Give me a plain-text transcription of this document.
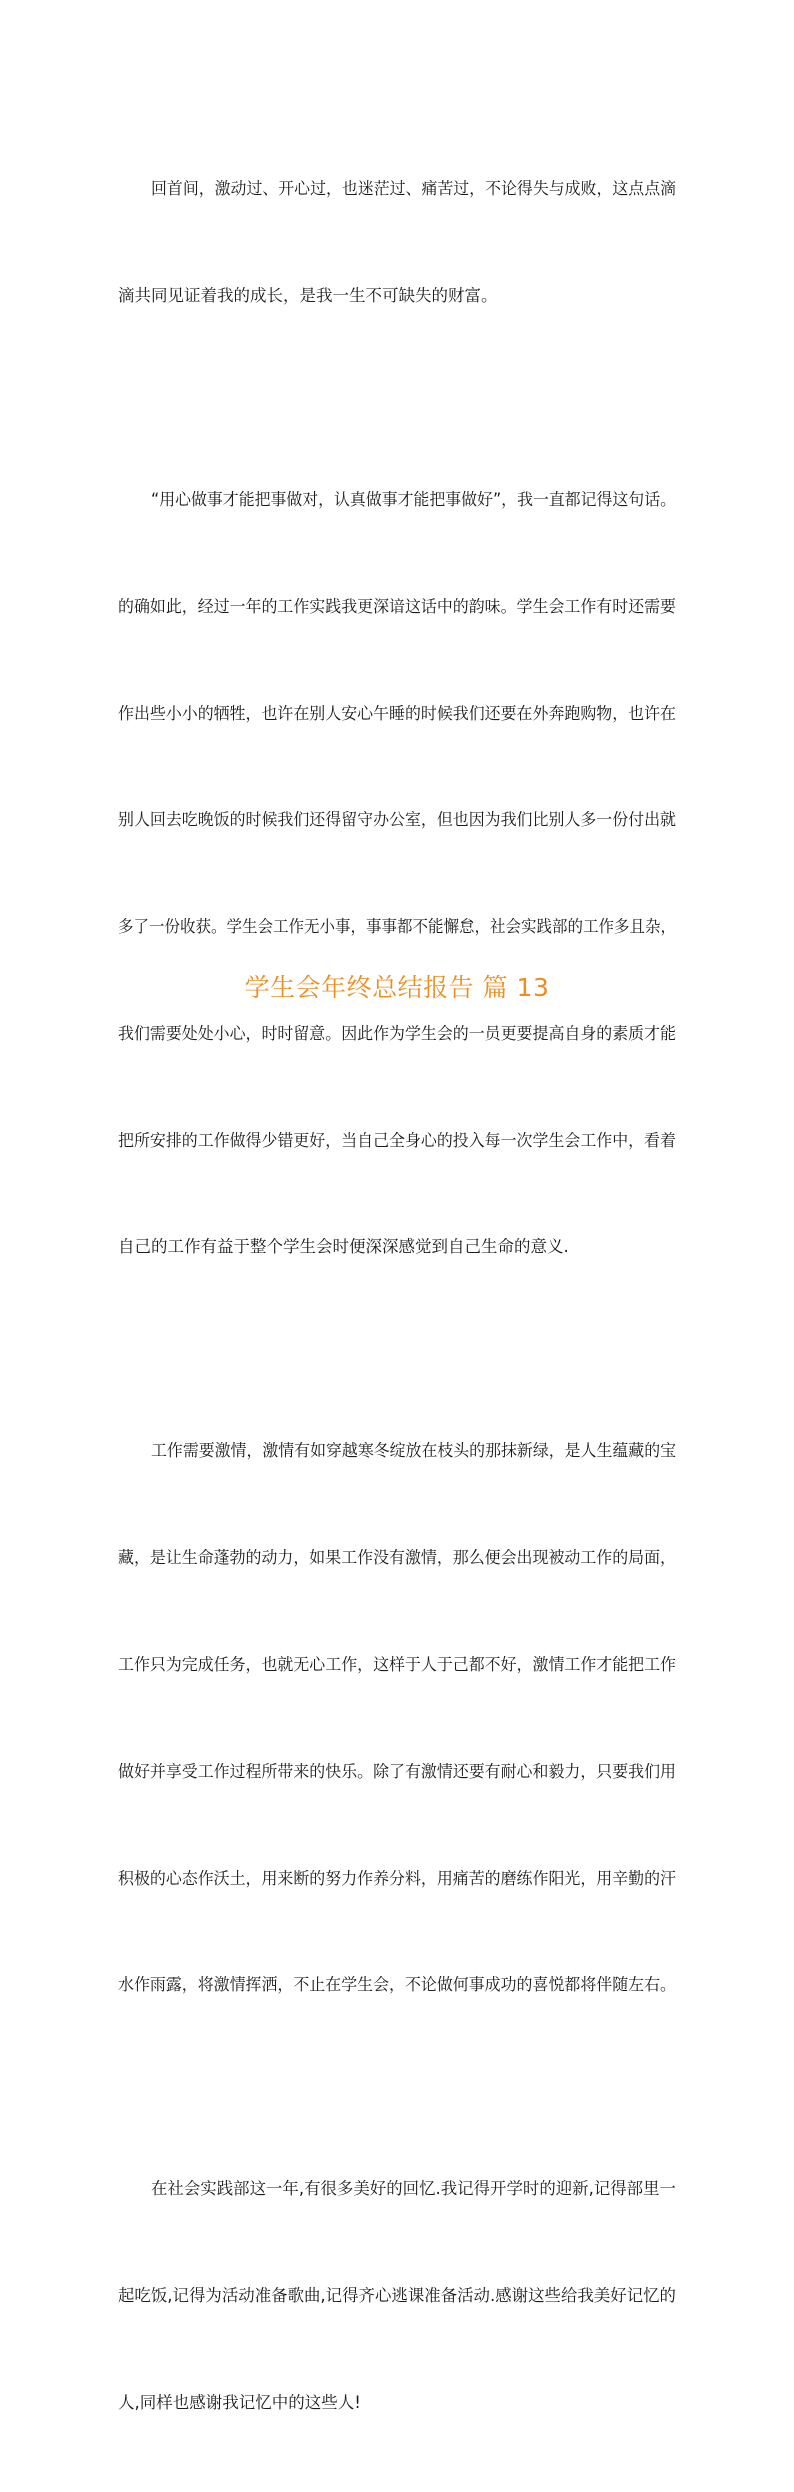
回首间，激动过、开心过，也迷茫过、痛苦过，不论得失与成败，这点点滴

滴共同见证着我的成长，是我一生不可缺失的财富。

“用心做事才能把事做对，认真做事才能把事做好”，我一直都记得这句话。

的确如此，经过一年的工作实践我更深谙这话中的韵味。学生会工作有时还需要

作出些小小的牺牲，也许在别人安心午睡的时候我们还要在外奔跑购物，也许在

别人回去吃晚饭的时候我们还得留守办公室，但也因为我们比别人多一份付出就

多了一份收获。学生会工作无小事，事事都不能懈怠，社会实践部的工作多且杂，

我们需要处处小心，时时留意。因此作为学生会的一员更要提高自身的素质才能

把所安排的工作做得少错更好，当自己全身心的投入每一次学生会工作中，看着

自己的工作有益于整个学生会时便深深感觉到自己生命的意义.

工作需要激情，激情有如穿越寒冬绽放在枝头的那抹新绿，是人生蕴藏的宝

藏，是让生命蓬勃的动力，如果工作没有激情，那么便会出现被动工作的局面，

工作只为完成任务，也就无心工作，这样于人于己都不好，激情工作才能把工作

做好并享受工作过程所带来的快乐。除了有激情还要有耐心和毅力，只要我们用

积极的心态作沃土，用来断的努力作养分料，用痛苦的磨练作阳光，用辛勤的汗

水作雨露，将激情挥洒，不止在学生会，不论做何事成功的喜悦都将伴随左右。

在社会实践部这一年,有很多美好的回忆.我记得开学时的迎新,记得部里一

起吃饭,记得为活动准备歌曲,记得齐心逃课准备活动.感谢这些给我美好记忆的

人,同样也感谢我记忆中的这些人!

学生会年终总结报告 篇 13
